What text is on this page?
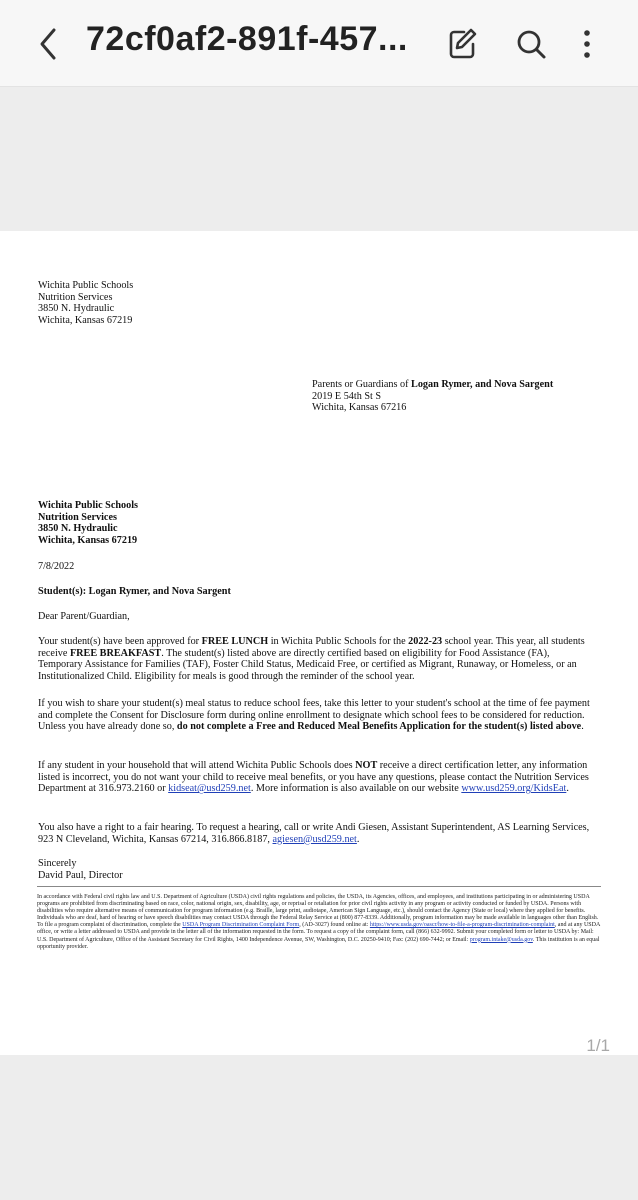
72cf0af2-891f-457...

Wichita Public Schools

Nutrition Services

3850 N. Hydraulic

Wichita, Kansas 67219

Parents or Guardians of Logan Rymer, and Nova Sargent

2019 E 54th St S

Wichita, Kansas 67216

Wichita Public Schools

Nutrition Services

3850 N. Hydraulic

Wichita, Kansas 67219

7/8/2022
Student(s): Logan Rymer, and Nova Sargent
Dear Parent/Guardian,

Your student(s) have been approved for FREE LUNCH in Wichita Public Schools for the 2022-23 school year. This year, all students receive FREE BREAKFAST. The student(s) listed above are directly certified based on eligibility for Food Assistance (FA), Temporary Assistance for Families (TAF), Foster Child Status, Medicaid Free, or certified as Migrant, Runaway, or Homeless, or an Institutionalized Child. Eligibility for meals is good through the reminder of the school year.

If you wish to share your student(s) meal status to reduce school fees, take this letter to your student's school at the time of fee payment and complete the Consent for Disclosure form during online enrollment to designate which school fees to be considered for reduction. Unless you have already done so, do not complete a Free and Reduced Meal Benefits Application for the student(s) listed above.

If any student in your household that will attend Wichita Public Schools does NOT receive a direct certification letter, any information listed is incorrect, you do not want your child to receive meal benefits, or you have any questions, please contact the Nutrition Services Department at 316.973.2160 or kidseat@usd259.net. More information is also available on our website www.usd259.org/KidsEat.

You also have a right to a fair hearing. To request a hearing, call or write Andi Giesen, Assistant Superintendent, AS Learning Services, 923 N Cleveland, Wichita, Kansas 67214, 316.866.8187, agiesen@usd259.net.

Sincerely

David Paul, Director

In accordance with Federal civil rights law and U.S. Department of Agriculture (USDA) civil rights regulations and policies, the USDA, its Agencies, offices, and employees, and institutions participating in or administering USDA programs are prohibited from discriminating based on race, color, national origin, sex, disability, age, or reprisal or retaliation for prior civil rights activity in any program or activity conducted or funded by USDA. Persons with disabilities who require alternative means of communication for program information (e.g. Braille, large print, audiotape, American Sign Language, etc.), should contact the Agency (State or local) where they applied for benefits. Individuals who are deaf, hard of hearing or have speech disabilities may contact USDA through the Federal Relay Service at (800) 877-8339. Additionally, program information may be made available in languages other than English. To file a program complaint of discrimination, complete the USDA Program Discrimination Complaint Form, (AD-3027) found online at: https://www.usda.gov/oascr/how-to-file-a-program-discrimination-complaint, and at any USDA office, or write a letter addressed to USDA and provide in the letter all of the information requested in the form. To request a copy of the complaint form, call (866) 632-9992. Submit your completed form or letter to USDA by: Mail: U.S. Department of Agriculture, Office of the Assistant Secretary for Civil Rights, 1400 Independence Avenue, SW, Washington, D.C. 20250-9410; Fax: (202) 690-7442; or Email: program.intake@usda.gov. This institution is an equal opportunity provider.
1/1
